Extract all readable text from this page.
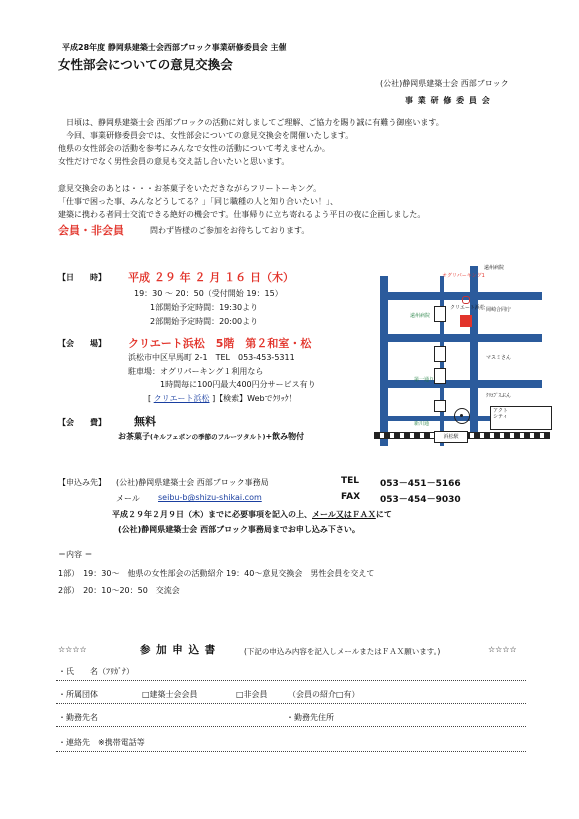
平成28年度 静岡県建築士会西部ブロック事業研修委員会 主催
女性部会についての意見交換会
(公社)静岡県建築士会 西部ブロック
事 業 研 修 委 員 会
日頃は、静岡県建築士会 西部ブロックの活動に対しましてご理解、ご協力を賜り誠に有難う御座います。
今回、事業研修委員会では、女性部会についての意見交換会を開催いたします。
他県の女性部会の活動を参考にみんなで女性の活動について考えませんか。
女性だけでなく男性会員の意見も交え話し合いたいと思います。
意見交換会のあとは・・・お茶菓子をいただきながらフリートーキング。
「仕事で困った事、みんなどうしてる？」「同じ職種の人と知り合いたい！」、
建築に携わる者同士交流できる絶好の機会です。仕事帰りに立ち寄れるよう平日の夜に企画しました。
会員・非会員	問わず皆様のご参加をお待ちしております。
【日　　時】 平成 ２９ 年 ２ 月 １６ 日（木）
19：30 ～ 20：50（受付開始 19：15）
1部開始予定時間：19:30より
2部開始予定時間：20:00より
【会　　場】 クリエート浜松　5階　第２和室・松
浜松市中区早馬町 2-1　TEL　053-453-5311
駐車場：オグリパーキング１利用なら
1時間毎に100円最大400円分サービス有り
[ クリエート浜松 ]【検索】Webでｸﾘｯｸ！
【会　　費】	無料
お茶菓子(キルフェボンの季節のフルーツタルト)+飲み物付
オグリパーキング1
遠州病院
遠州病院
クリエート浜松 岡崎合同庁
マスミさん
第一通り
ｸﾘｴﾌﾞｽぶん
新川通
アクト
シティ
浜松駅
【申込み先】 (公社)静岡県建築士会 西部ブロック事務局	TEL 053－451－5166
メール seibu-b@shizu-shikai.com	FAX 053－454－9030
平成２９年２月９日（木）までに必要事項を記入の上、メール又はＦＡＸにて
(公社)静岡県建築士会 西部ブロック事務局までお申し込み下さい。
＝内容 ＝
1部）　19：30～　他県の女性部会の活動紹介 19：40～意見交換会　男性会員を交えて
2部）　20：10～20：50　交流会
☆☆☆☆	参 加 申 込 書	(下記の申込み内容を記入しメールまたはＦＡＸ願います。)	☆☆☆☆
・氏　　名（ﾌﾘｶﾞﾅ）
・所属団体	□建築士会会員	□非会員	（会員の紹介□有）
・勤務先名	・勤務先住所
・連絡先　※携帯電話等
